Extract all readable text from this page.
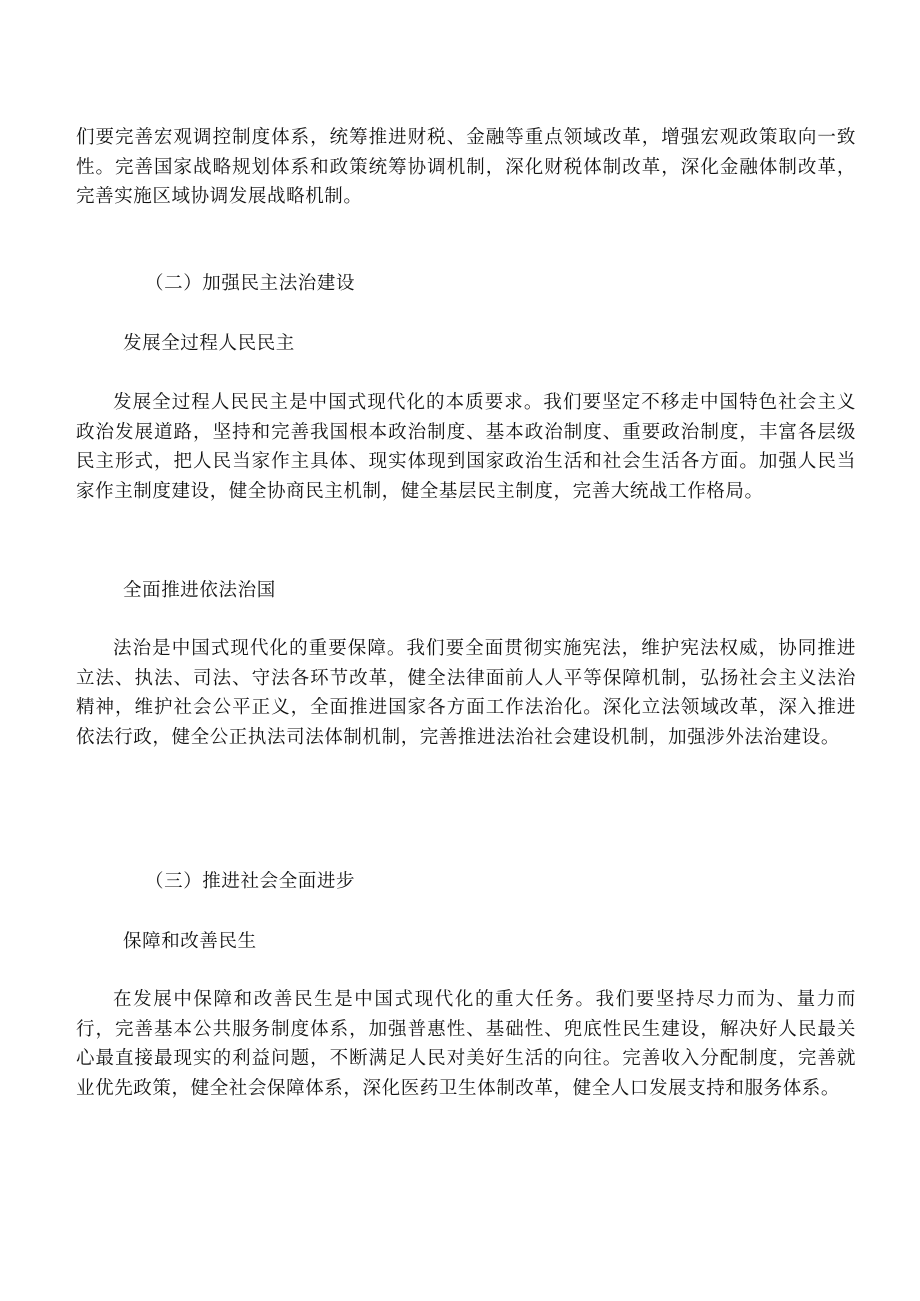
们要完善宏观调控制度体系，统筹推进财税、金融等重点领域改革，增强宏观政策取向一致性。完善国家战略规划体系和政策统筹协调机制，深化财税体制改革，深化金融体制改革，完善实施区域协调发展战略机制。

（二）加强民主法治建设

发展全过程人民民主

发展全过程人民民主是中国式现代化的本质要求。我们要坚定不移走中国特色社会主义政治发展道路，坚持和完善我国根本政治制度、基本政治制度、重要政治制度，丰富各层级民主形式，把人民当家作主具体、现实体现到国家政治生活和社会生活各方面。加强人民当家作主制度建设，健全协商民主机制，健全基层民主制度，完善大统战工作格局。

全面推进依法治国

法治是中国式现代化的重要保障。我们要全面贯彻实施宪法，维护宪法权威，协同推进立法、执法、司法、守法各环节改革，健全法律面前人人平等保障机制，弘扬社会主义法治精神，维护社会公平正义，全面推进国家各方面工作法治化。深化立法领域改革，深入推进依法行政，健全公正执法司法体制机制，完善推进法治社会建设机制，加强涉外法治建设。

（三）推进社会全面进步

保障和改善民生

在发展中保障和改善民生是中国式现代化的重大任务。我们要坚持尽力而为、量力而行，完善基本公共服务制度体系，加强普惠性、基础性、兜底性民生建设，解决好人民最关心最直接最现实的利益问题，不断满足人民对美好生活的向往。完善收入分配制度，完善就业优先政策，健全社会保障体系，深化医药卫生体制改革，健全人口发展支持和服务体系。
